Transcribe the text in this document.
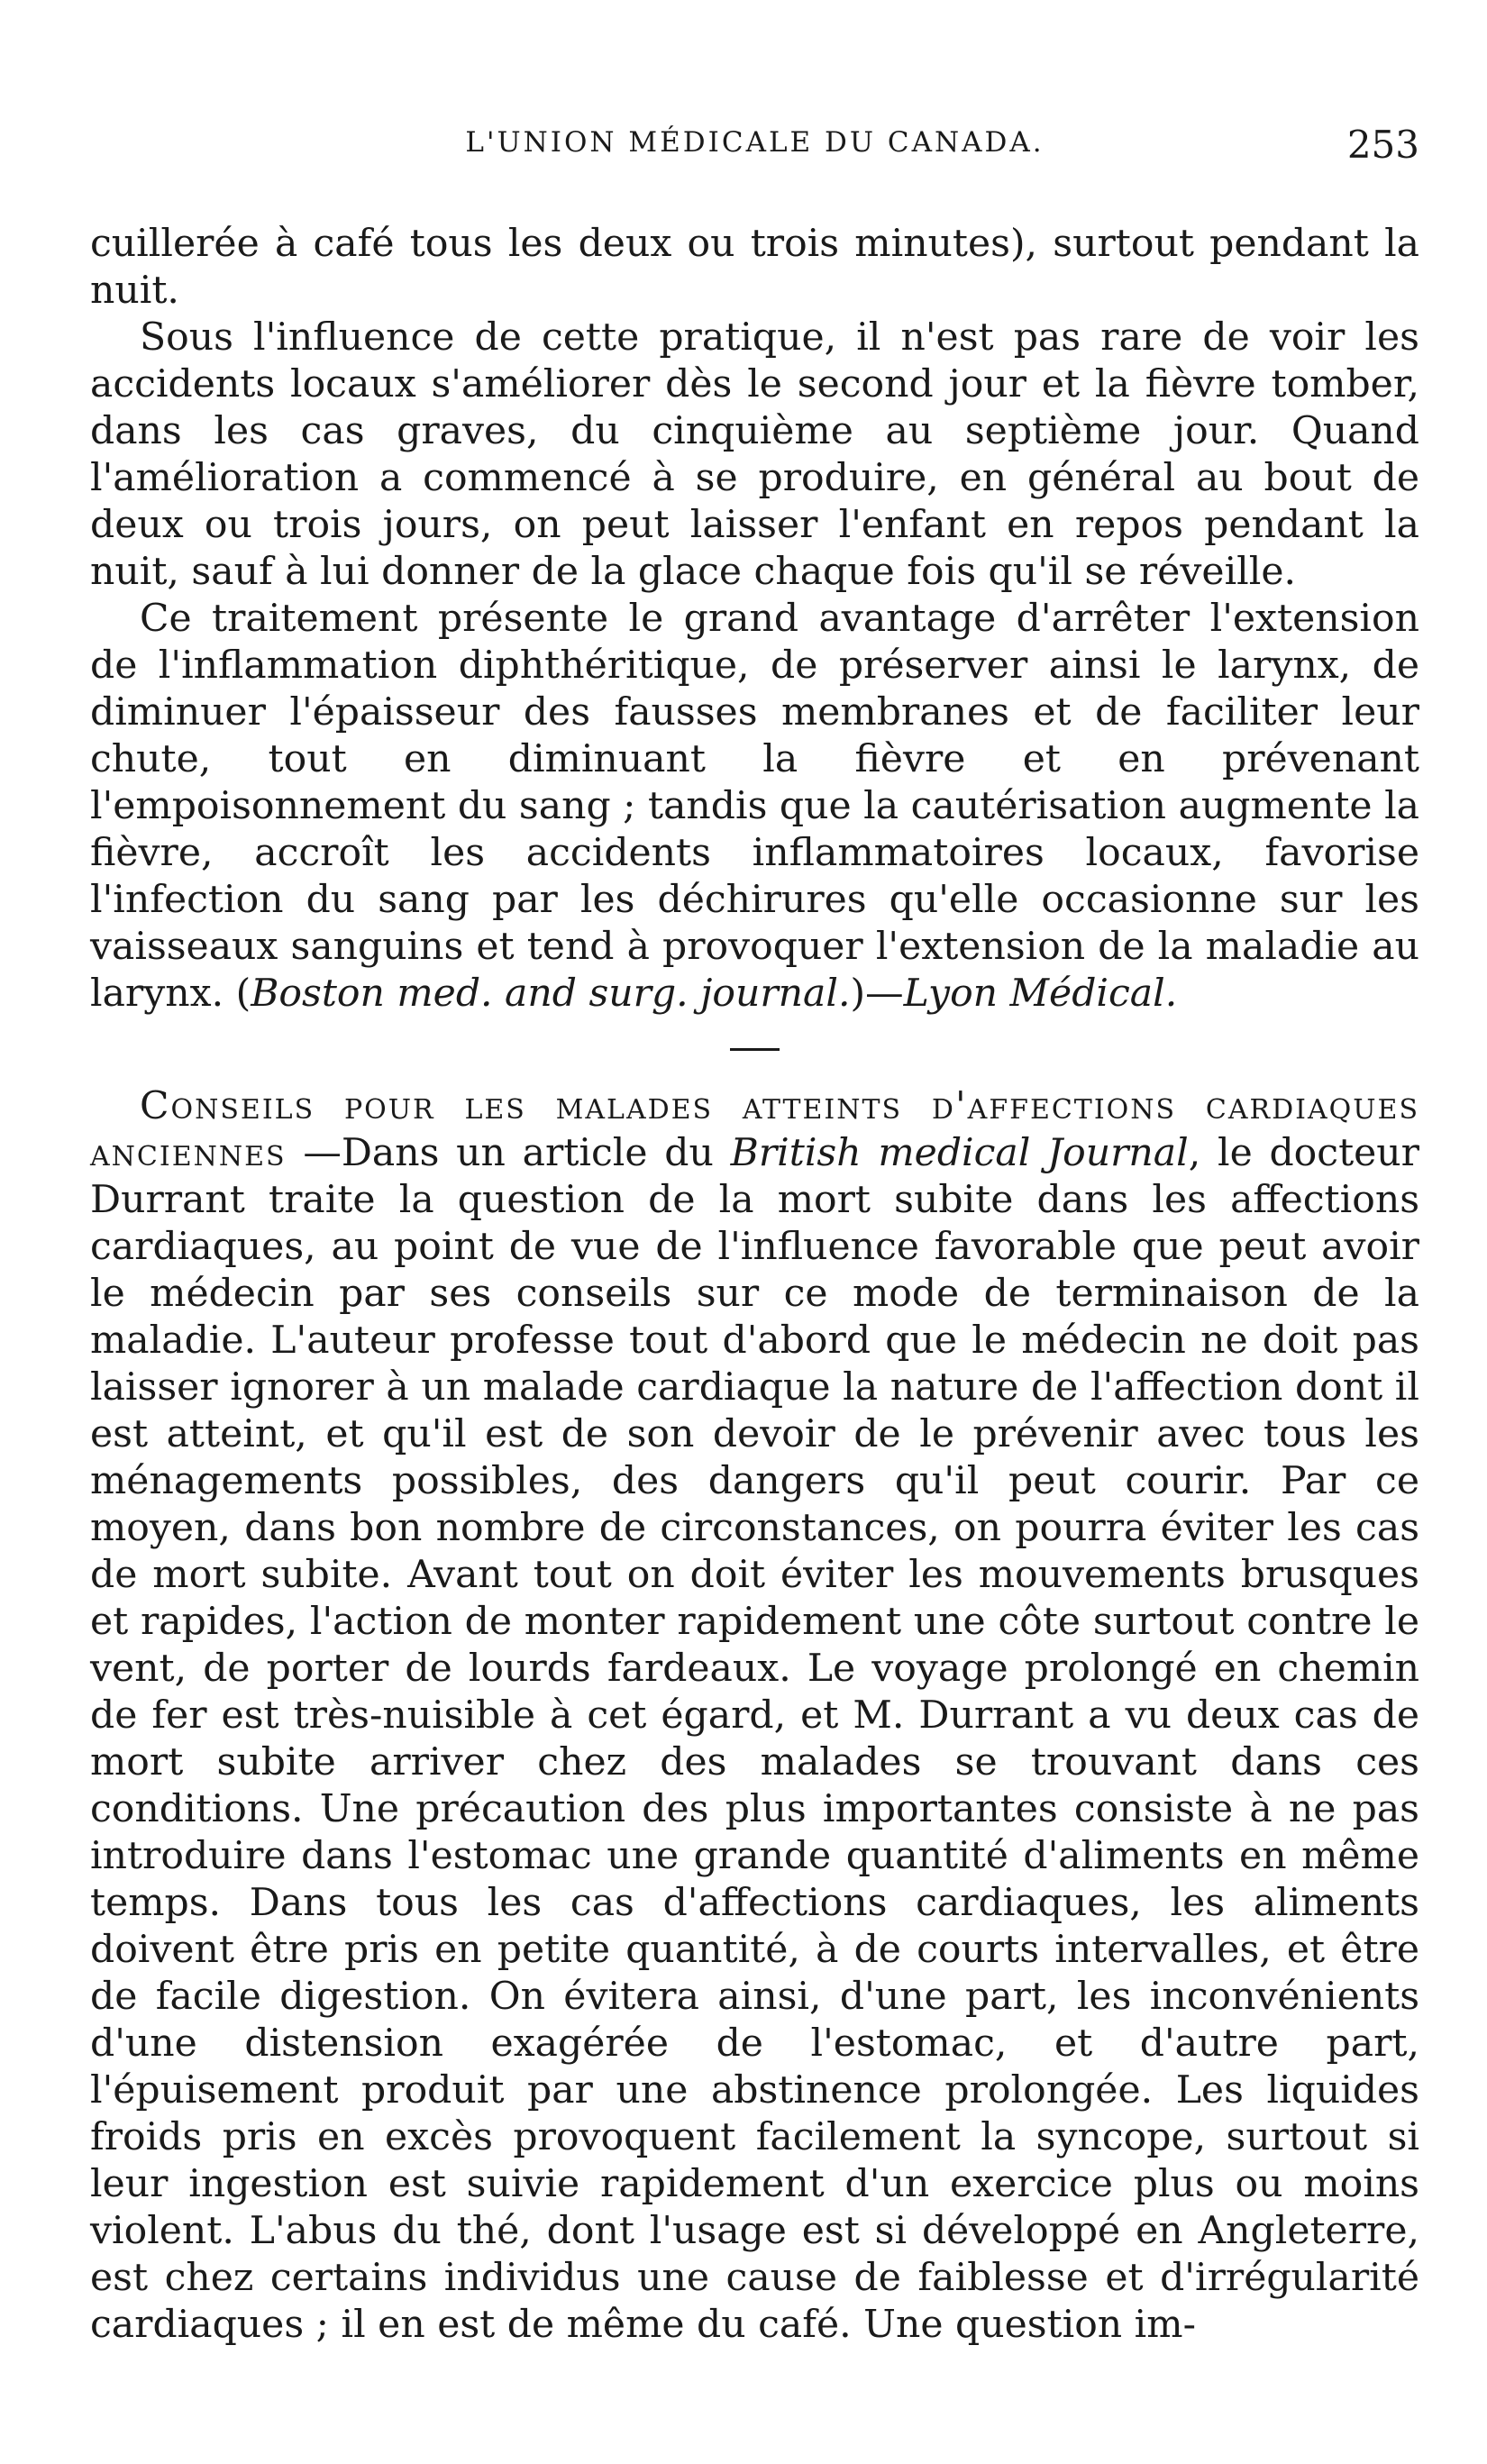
L'UNION MÉDICALE DU CANADA.	253

cuillerée à café tous les deux ou trois minutes), surtout pendant la nuit.

Sous l'influence de cette pratique, il n'est pas rare de voir les accidents locaux s'améliorer dès le second jour et la fièvre tomber, dans les cas graves, du cinquième au septième jour. Quand l'amélioration a commencé à se produire, en général au bout de deux ou trois jours, on peut laisser l'enfant en repos pendant la nuit, sauf à lui donner de la glace chaque fois qu'il se réveille.

Ce traitement présente le grand avantage d'arrêter l'extension de l'inflammation diphthéritique, de préserver ainsi le larynx, de diminuer l'épaisseur des fausses membranes et de faciliter leur chute, tout en diminuant la fièvre et en prévenant l'empoisonnement du sang ; tandis que la cautérisation augmente la fièvre, accroît les accidents inflammatoires locaux, favorise l'infection du sang par les déchirures qu'elle occasionne sur les vaisseaux sanguins et tend à provoquer l'extension de la maladie au larynx. (Boston med. and surg. journal.)—Lyon Médical.

Conseils pour les malades atteints d'affections cardiaques anciennes —Dans un article du British medical Journal, le docteur Durrant traite la question de la mort subite dans les affections cardiaques, au point de vue de l'influence favorable que peut avoir le médecin par ses conseils sur ce mode de terminaison de la maladie. L'auteur professe tout d'abord que le médecin ne doit pas laisser ignorer à un malade cardiaque la nature de l'affection dont il est atteint, et qu'il est de son devoir de le prévenir avec tous les ménagements possibles, des dangers qu'il peut courir. Par ce moyen, dans bon nombre de circonstances, on pourra éviter les cas de mort subite. Avant tout on doit éviter les mouvements brusques et rapides, l'action de monter rapidement une côte surtout contre le vent, de porter de lourds fardeaux. Le voyage prolongé en chemin de fer est très-nuisible à cet égard, et M. Durrant a vu deux cas de mort subite arriver chez des malades se trouvant dans ces conditions. Une précaution des plus importantes consiste à ne pas introduire dans l'estomac une grande quantité d'aliments en même temps. Dans tous les cas d'affections cardiaques, les aliments doivent être pris en petite quantité, à de courts intervalles, et être de facile digestion. On évitera ainsi, d'une part, les inconvénients d'une distension exagérée de l'estomac, et d'autre part, l'épuisement produit par une abstinence prolongée. Les liquides froids pris en excès provoquent facilement la syncope, surtout si leur ingestion est suivie rapidement d'un exercice plus ou moins violent. L'abus du thé, dont l'usage est si développé en Angleterre, est chez certains individus une cause de faiblesse et d'irrégularité cardiaques ; il en est de même du café. Une question im-
